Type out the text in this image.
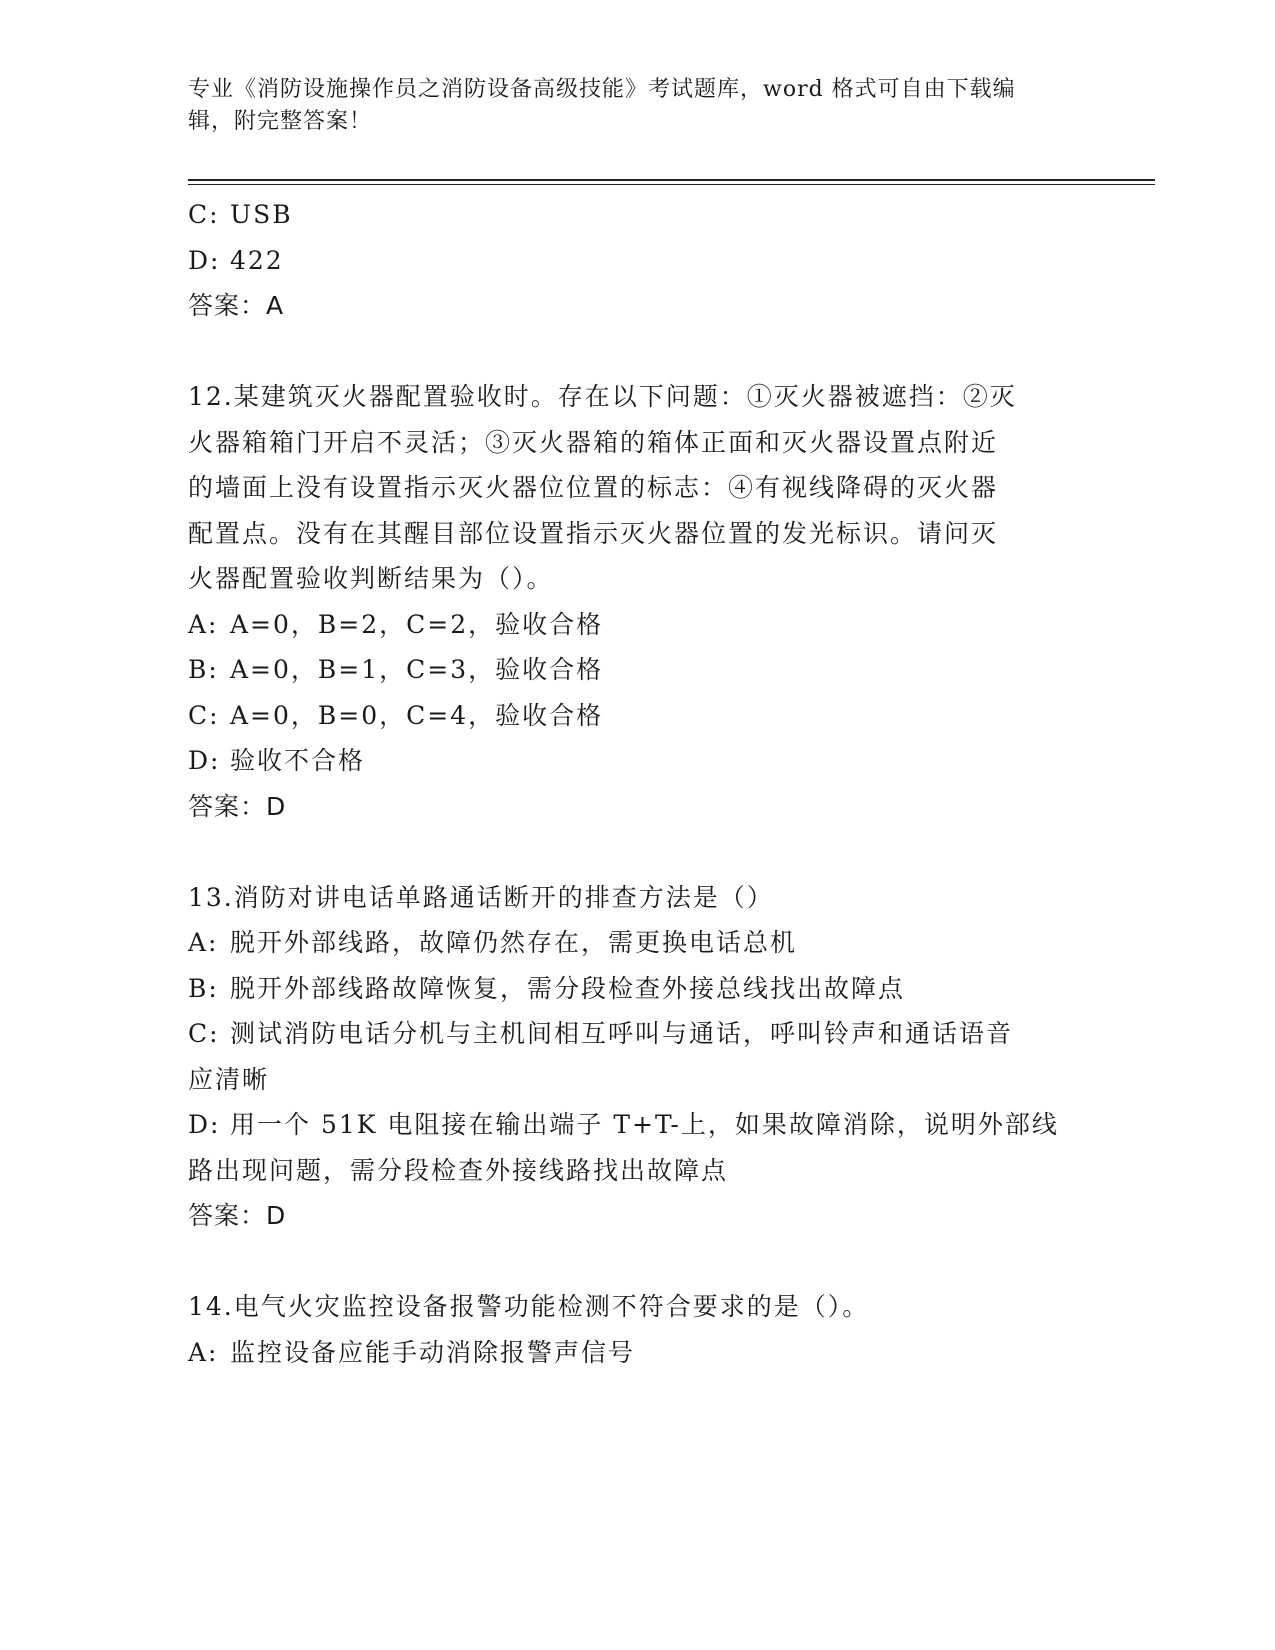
专业《消防设施操作员之消防设备高级技能》考试题库，word 格式可自由下载编
辑，附完整答案！
C: USB
D: 422
答案：A
12.某建筑灭火器配置验收时。存在以下问题：①灭火器被遮挡：②灭
火器箱箱门开启不灵活；③灭火器箱的箱体正面和灭火器设置点附近
的墙面上没有设置指示灭火器位位置的标志：④有视线降碍的灭火器
配置点。没有在其醒目部位设置指示灭火器位置的发光标识。请问灭
火器配置验收判断结果为（）。
A: A=0，B=2，C=2，验收合格
B: A=0，B=1，C=3，验收合格
C: A=0，B=0，C=4，验收合格
D: 验收不合格
答案：D
13.消防对讲电话单路通话断开的排查方法是（）
A: 脱开外部线路，故障仍然存在，需更换电话总机
B: 脱开外部线路故障恢复，需分段检查外接总线找出故障点
C: 测试消防电话分机与主机间相互呼叫与通话，呼叫铃声和通话语音
应清晰
D: 用一个 51K 电阻接在输出端子 T+T-上，如果故障消除，说明外部线
路出现问题，需分段检查外接线路找出故障点
答案：D
14.电气火灾监控设备报警功能检测不符合要求的是（）。
A: 监控设备应能手动消除报警声信号
